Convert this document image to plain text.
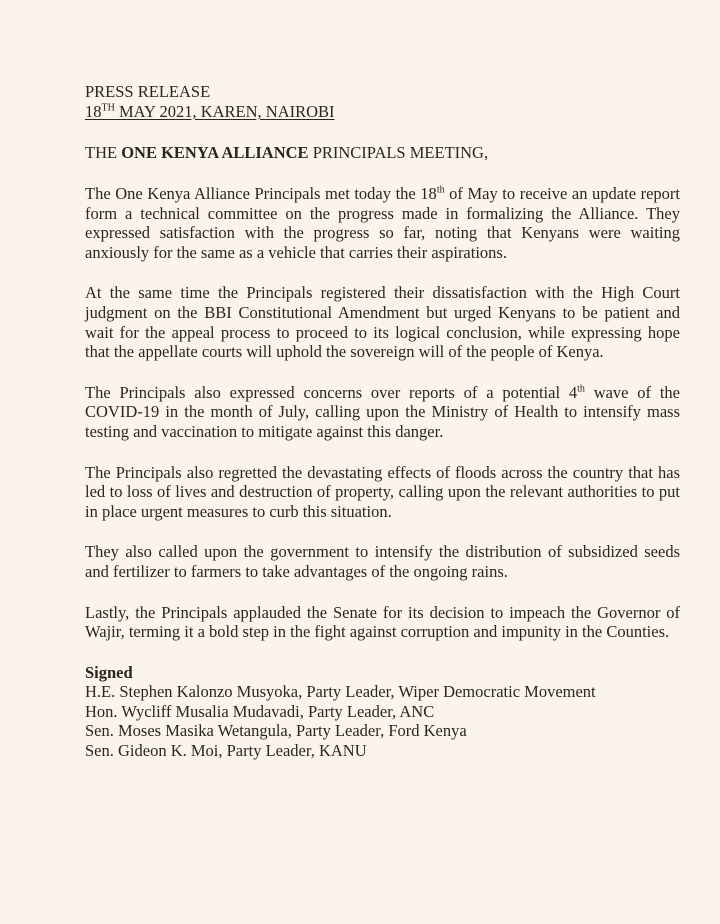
PRESS RELEASE
18TH MAY 2021, KAREN, NAIROBI
THE ONE KENYA ALLIANCE PRINCIPALS MEETING,

The One Kenya Alliance Principals met today the 18th of May to receive an update report form a technical committee on the progress made in formalizing the Alliance. They expressed satisfaction with the progress so far, noting that Kenyans were waiting anxiously for the same as a vehicle that carries their aspirations.

At the same time the Principals registered their dissatisfaction with the High Court judgment on the BBI Constitutional Amendment but urged Kenyans to be patient and wait for the appeal process to proceed to its logical conclusion, while expressing hope that the appellate courts will uphold the sovereign will of the people of Kenya.

The Principals also expressed concerns over reports of a potential 4th wave of the COVID-19 in the month of July, calling upon the Ministry of Health to intensify mass testing and vaccination to mitigate against this danger.

The Principals also regretted the devastating effects of floods across the country that has led to loss of lives and destruction of property, calling upon the relevant authorities to put in place urgent measures to curb this situation.

They also called upon the government to intensify the distribution of subsidized seeds and fertilizer to farmers to take advantages of the ongoing rains.

Lastly, the Principals applauded the Senate for its decision to impeach the Governor of Wajir, terming it a bold step in the fight against corruption and impunity in the Counties.

Signed
H.E. Stephen Kalonzo Musyoka, Party Leader, Wiper Democratic Movement
Hon. Wycliff Musalia Mudavadi, Party Leader, ANC
Sen. Moses Masika Wetangula, Party Leader, Ford Kenya
Sen. Gideon K. Moi, Party Leader, KANU
